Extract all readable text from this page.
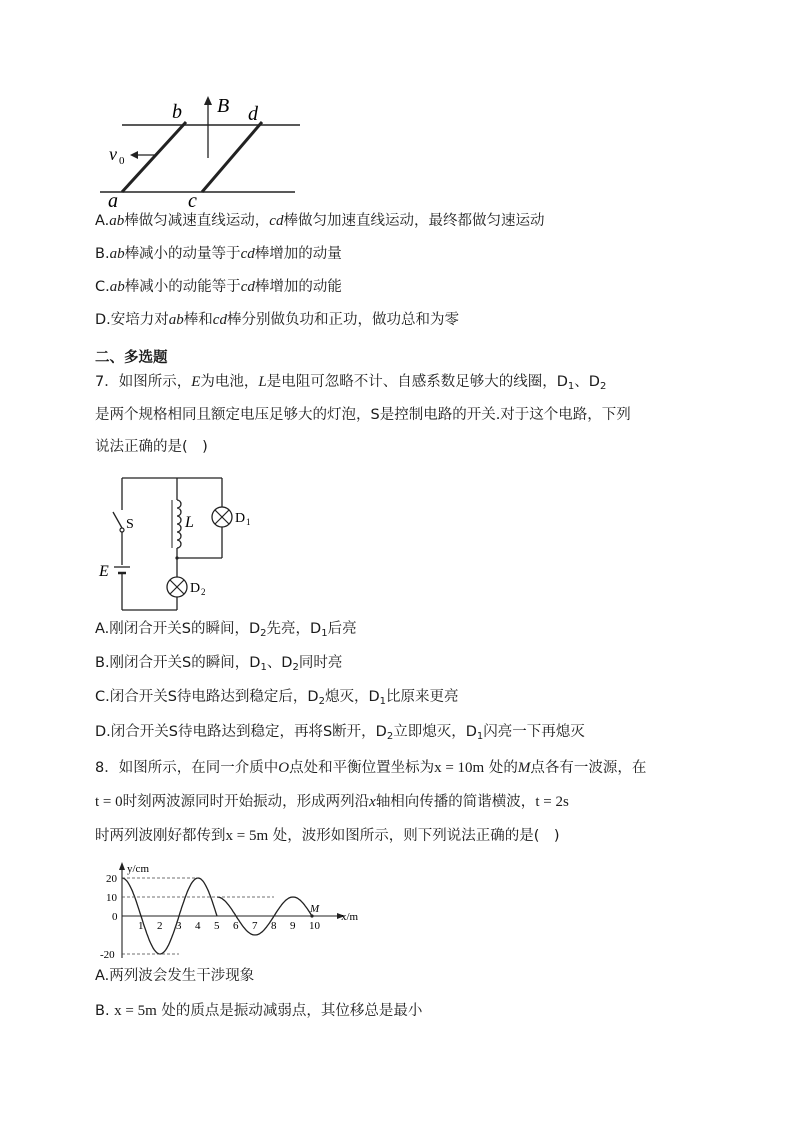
b	d
B
v 0
a	c
A.ab棒做匀减速直线运动，cd棒做匀加速直线运动，最终都做匀速运动
B.ab棒减小的动量等于cd棒增加的动量
C.ab棒减小的动能等于cd棒增加的动能
D.安培力对ab棒和cd棒分别做负功和正功，做功总和为零
二、多选题
7．如图所示，E为电池，L是电阻可忽略不计、自感系数足够大的线圈，$D_1$、$D_2$
是两个规格相同且额定电压足够大的灯泡，S是控制电路的开关.对于这个电路，下列
说法正确的是(　)
S	L	D 1
E
D 2
A.刚闭合开关S的瞬间，$D_2$先亮，$D_1$后亮
B.刚闭合开关S的瞬间，$D_1$、$D_2$同时亮
C.闭合开关S待电路达到稳定后，$D_2$熄灭，$D_1$比原来更亮
D.闭合开关S待电路达到稳定，再将S断开，$D_2$立即熄灭，$D_1$闪亮一下再熄灭
8．如图所示，在同一介质中O点处和平衡位置坐标为x = 10m 处的M点各有一波源，在
t = 0时刻两波源同时开始振动，形成两列沿x轴相向传播的简谐横波，t = 2s
时两列波刚好都传到x = 5m 处，波形如图所示，则下列说法正确的是(　)
y/cm
x/m
1 2 3 4 5 6 7 8 9 10
20
10
0
-20
M
A.两列波会发生干涉现象
B. x = 5m 处的质点是振动减弱点，其位移总是最小
